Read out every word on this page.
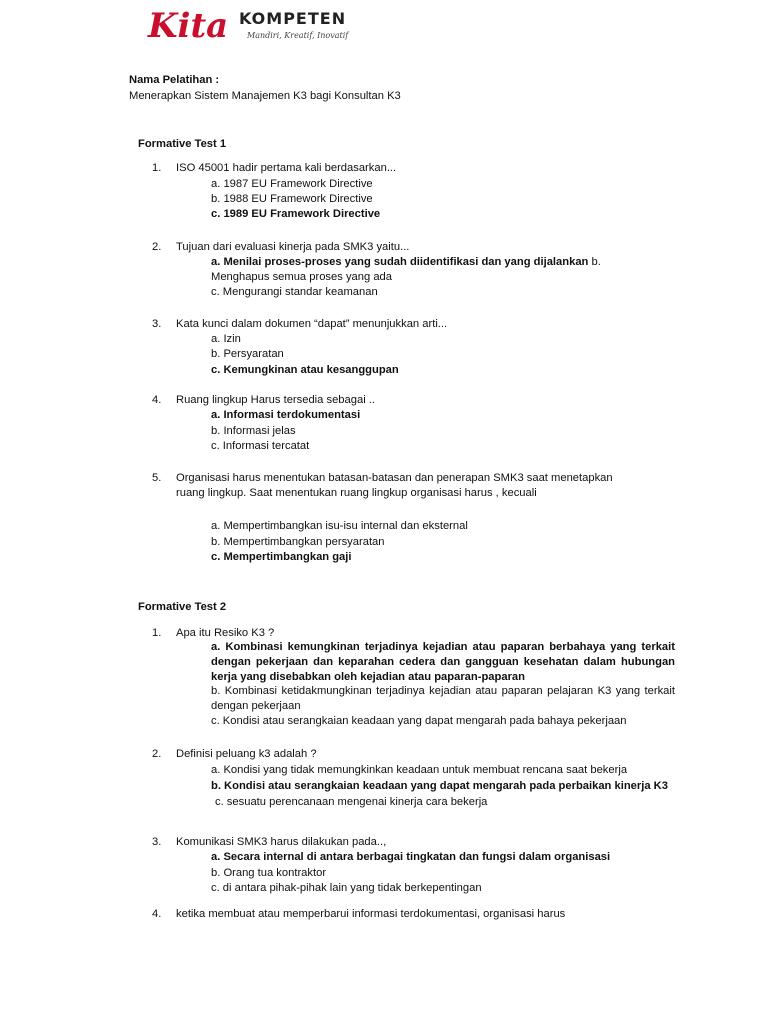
Kita KOMPETEN
Mandiri, Kreatif, Inovatif
Nama Pelatihan :
Menerapkan Sistem Manajemen K3 bagi Konsultan K3
Formative Test 1
1. ISO 45001 hadir pertama kali berdasarkan...
a. 1987 EU Framework Directive
b. 1988 EU Framework Directive
c. 1989 EU Framework Directive
2. Tujuan dari evaluasi kinerja pada SMK3 yaitu...
a. Menilai proses-proses yang sudah diidentifikasi dan yang dijalankan b.
Menghapus semua proses yang ada
c. Mengurangi standar keamanan
3. Kata kunci dalam dokumen “dapat” menunjukkan arti...
a. Izin
b. Persyaratan
c. Kemungkinan atau kesanggupan
4. Ruang lingkup Harus tersedia sebagai ..
a. Informasi terdokumentasi
b. Informasi jelas
c. Informasi tercatat
5. Organisasi harus menentukan batasan-batasan dan penerapan SMK3 saat menetapkan
ruang lingkup. Saat menentukan ruang lingkup organisasi harus , kecuali
a. Mempertimbangkan isu-isu internal dan eksternal
b. Mempertimbangkan persyaratan
c. Mempertimbangkan gaji
Formative Test 2
1. Apa itu Resiko K3 ?
a. Kombinasi kemungkinan terjadinya kejadian atau paparan berbahaya yang terkait dengan pekerjaan dan keparahan cedera dan gangguan kesehatan dalam hubungan kerja yang disebabkan oleh kejadian atau paparan-paparan
b. Kombinasi ketidakmungkinan terjadinya kejadian atau paparan pelajaran K3 yang terkait dengan pekerjaan
c. Kondisi atau serangkaian keadaan yang dapat mengarah pada bahaya pekerjaan
2. Definisi peluang k3 adalah ?
a. Kondisi yang tidak memungkinkan keadaan untuk membuat rencana saat bekerja
b. Kondisi atau serangkaian keadaan yang dapat mengarah pada perbaikan kinerja K3
c. sesuatu perencanaan mengenai kinerja cara bekerja
3. Komunikasi SMK3 harus dilakukan pada..,
a. Secara internal di antara berbagai tingkatan dan fungsi dalam organisasi
b. Orang tua kontraktor
c. di antara pihak-pihak lain yang tidak berkepentingan
4. ketika membuat atau memperbarui informasi terdokumentasi, organisasi harus
